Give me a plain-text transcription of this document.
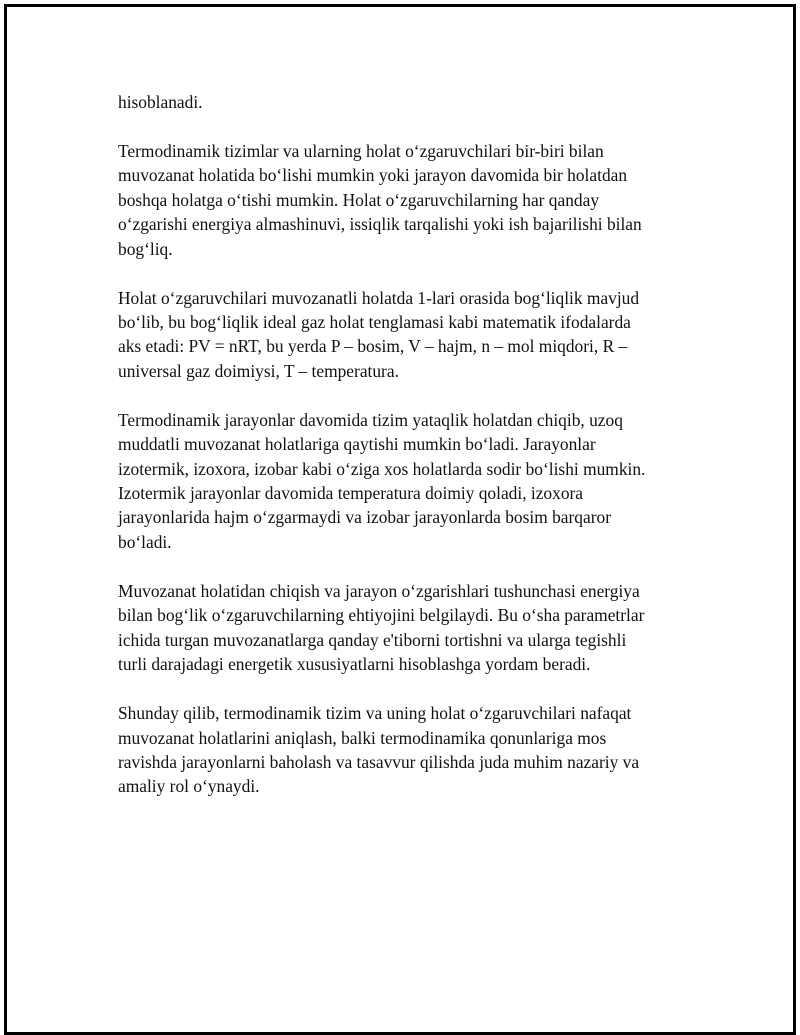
hisoblanadi.

Termodinamik tizimlar va ularning holat o‘zgaruvchilari bir-biri bilan
muvozanat holatida bo‘lishi mumkin yoki jarayon davomida bir holatdan
boshqa holatga o‘tishi mumkin. Holat o‘zgaruvchilarning har qanday
o‘zgarishi energiya almashinuvi, issiqlik tarqalishi yoki ish bajarilishi bilan
bog‘liq.

Holat o‘zgaruvchilari muvozanatli holatda 1-lari orasida bog‘liqlik mavjud
bo‘lib, bu bog‘liqlik ideal gaz holat tenglamasi kabi matematik ifodalarda
aks etadi: PV = nRT, bu yerda P – bosim, V – hajm, n – mol miqdori, R –
universal gaz doimiysi, T – temperatura.

Termodinamik jarayonlar davomida tizim yataqlik holatdan chiqib, uzoq
muddatli muvozanat holatlariga qaytishi mumkin bo‘ladi. Jarayonlar
izotermik, izoxora, izobar kabi o‘ziga xos holatlarda sodir bo‘lishi mumkin.
Izotermik jarayonlar davomida temperatura doimiy qoladi, izoxora
jarayonlarida hajm o‘zgarmaydi va izobar jarayonlarda bosim barqaror
bo‘ladi.

Muvozanat holatidan chiqish va jarayon o‘zgarishlari tushunchasi energiya
bilan bog‘lik o‘zgaruvchilarning ehtiyojini belgilaydi. Bu o‘sha parametrlar
ichida turgan muvozanatlarga qanday e'tiborni tortishni va ularga tegishli
turli darajadagi energetik xususiyatlarni hisoblashga yordam beradi.

Shunday qilib, termodinamik tizim va uning holat o‘zgaruvchilari nafaqat
muvozanat holatlarini aniqlash, balki termodinamika qonunlariga mos
ravishda jarayonlarni baholash va tasavvur qilishda juda muhim nazariy va
amaliy rol o‘ynaydi.
